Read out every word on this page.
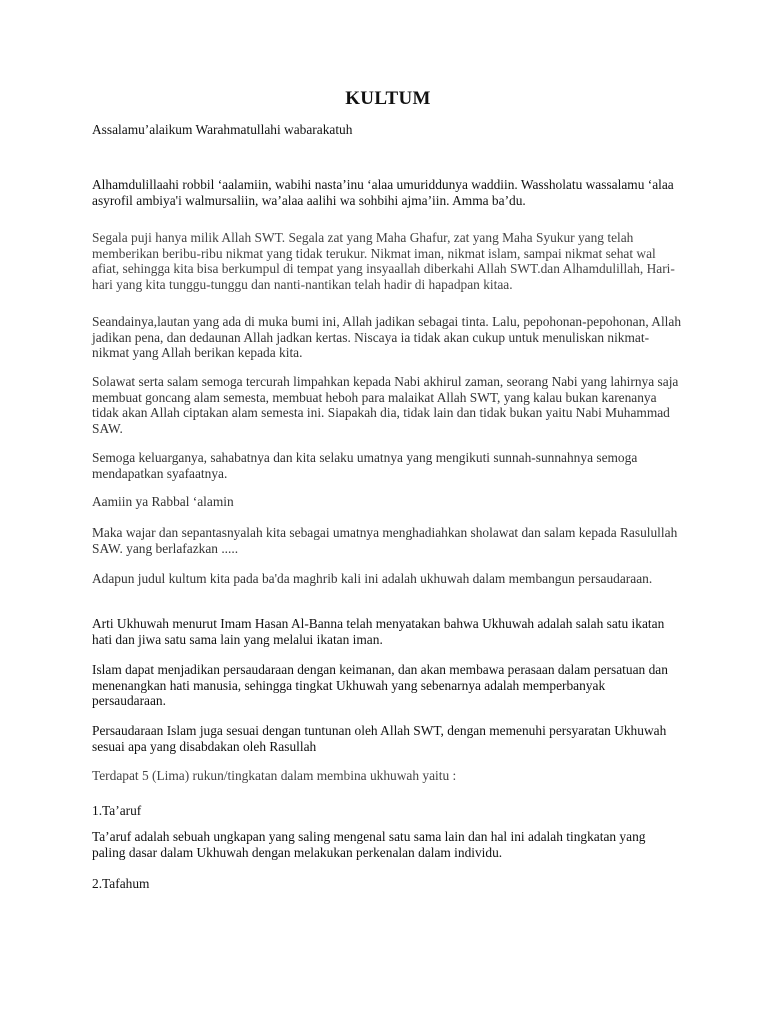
KULTUM

Assalamu’alaikum Warahmatullahi wabarakatuh

Alhamdulillaahi robbil ‘aalamiin, wabihi nasta’inu ‘alaa umuriddunya waddiin. Wassholatu wassalamu ‘alaa asyrofil ambiya'i walmursaliin, wa’alaa aalihi wa sohbihi ajma’iin. Amma ba’du.

Segala puji hanya milik Allah SWT. Segala zat yang Maha Ghafur, zat yang Maha Syukur yang telah memberikan beribu-ribu nikmat yang tidak terukur. Nikmat iman, nikmat islam, sampai nikmat sehat wal afiat, sehingga kita bisa berkumpul di tempat yang insyaallah diberkahi Allah SWT.dan Alhamdulillah, Hari-hari yang kita tunggu-tunggu dan nanti-nantikan telah hadir di hapadpan kitaa.

Seandainya,lautan yang ada di muka bumi ini, Allah jadikan sebagai tinta. Lalu, pepohonan-pepohonan, Allah jadikan pena, dan dedaunan Allah jadkan kertas. Niscaya ia tidak akan cukup untuk menuliskan nikmat-nikmat yang Allah berikan kepada kita.

Solawat serta salam semoga tercurah limpahkan kepada Nabi akhirul zaman, seorang Nabi yang lahirnya saja membuat goncang alam semesta, membuat heboh para malaikat Allah SWT, yang kalau bukan karenanya tidak akan Allah ciptakan alam semesta ini. Siapakah dia, tidak lain dan tidak bukan yaitu Nabi Muhammad SAW.

Semoga keluarganya, sahabatnya dan kita selaku umatnya yang mengikuti sunnah-sunnahnya semoga mendapatkan syafaatnya.

Aamiin ya Rabbal ‘alamin

Maka wajar dan sepantasnyalah kita sebagai umatnya menghadiahkan sholawat dan salam kepada Rasulullah SAW. yang berlafazkan .....

Adapun judul kultum kita pada ba'da maghrib kali ini adalah ukhuwah dalam membangun persaudaraan.

Arti Ukhuwah menurut Imam Hasan Al-Banna telah menyatakan bahwa Ukhuwah adalah salah satu ikatan hati dan jiwa satu sama lain yang melalui ikatan iman.

Islam dapat menjadikan persaudaraan dengan keimanan, dan akan membawa perasaan dalam persatuan dan menenangkan hati manusia, sehingga tingkat Ukhuwah yang sebenarnya adalah memperbanyak persaudaraan.

Persaudaraan Islam juga sesuai dengan tuntunan oleh Allah SWT, dengan memenuhi persyaratan Ukhuwah sesuai apa yang disabdakan oleh Rasullah

Terdapat 5 (Lima) rukun/tingkatan dalam membina ukhuwah yaitu :

1.Ta’aruf

Ta’aruf adalah sebuah ungkapan yang saling mengenal satu sama lain dan hal ini adalah tingkatan yang paling dasar dalam Ukhuwah dengan melakukan perkenalan dalam individu.

2.Tafahum
